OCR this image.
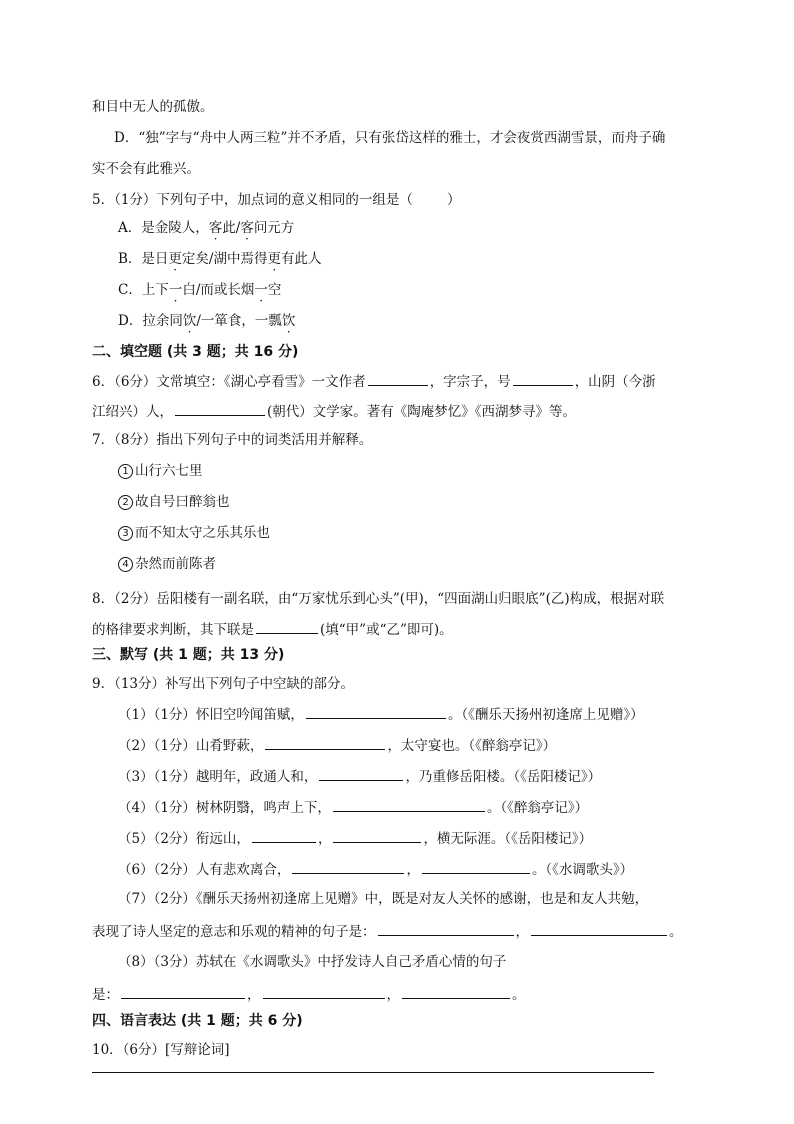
和目中无人的孤傲。
D．“独”字与“舟中人两三粒”并不矛盾，只有张岱这样的雅士，才会夜赏西湖雪景，而舟子确
实不会有此雅兴。
5．（1分）下列句子中，加点词的意义相同的一组是（	）
A．是金陵人，客此/客问元方
B．是日更定矣/湖中焉得更有此人
C．上下一白/而或长烟一空
D．拉余同饮/一箪食，一瓢饮
二、填空题 (共 3 题；共 16 分)
6．（6分）文常填空：《湖心亭看雪》一文作者	，字宗子，号	，山阴（今浙
江绍兴）人，	(朝代）文学家。著有《陶庵梦忆》《西湖梦寻》等。
7．（8分）指出下列句子中的词类活用并解释。
1 山行六七里
2 故自号曰醉翁也
3 而不知太守之乐其乐也
4 杂然而前陈者
8．（2分）岳阳楼有一副名联，由“万家忧乐到心头”(甲)，“四面湖山归眼底”(乙)构成，根据对联
的格律要求判断，其下联是	(填“甲”或“乙”即可)。
三、默写 (共 1 题；共 13 分)
9．（13分）补写出下列句子中空缺的部分。
（1）（1分）怀旧空吟闻笛赋，	。（《酬乐天扬州初逢席上见赠》）
（2）（1分）山肴野蔌，	，太守宴也。（《醉翁亭记》）
（3）（1分）越明年，政通人和，	，乃重修岳阳楼。（《岳阳楼记》）
（4）（1分）树林阴翳，鸣声上下，	。（《醉翁亭记》）
（5）（2分）衔远山，	，	，横无际涯。（《岳阳楼记》）
（6）（2分）人有悲欢离合，	，	。（《水调歌头》）
（7）（2分）《酬乐天扬州初逢席上见赠》中，既是对友人关怀的感谢，也是和友人共勉，
表现了诗人坚定的意志和乐观的精神的句子是：	，	。
（8）（3分）苏轼在《水调歌头》中抒发诗人自己矛盾心情的句子
是：	，	，	。
四、语言表达 (共 1 题；共 6 分)
10．（6分）[写辩论词]
